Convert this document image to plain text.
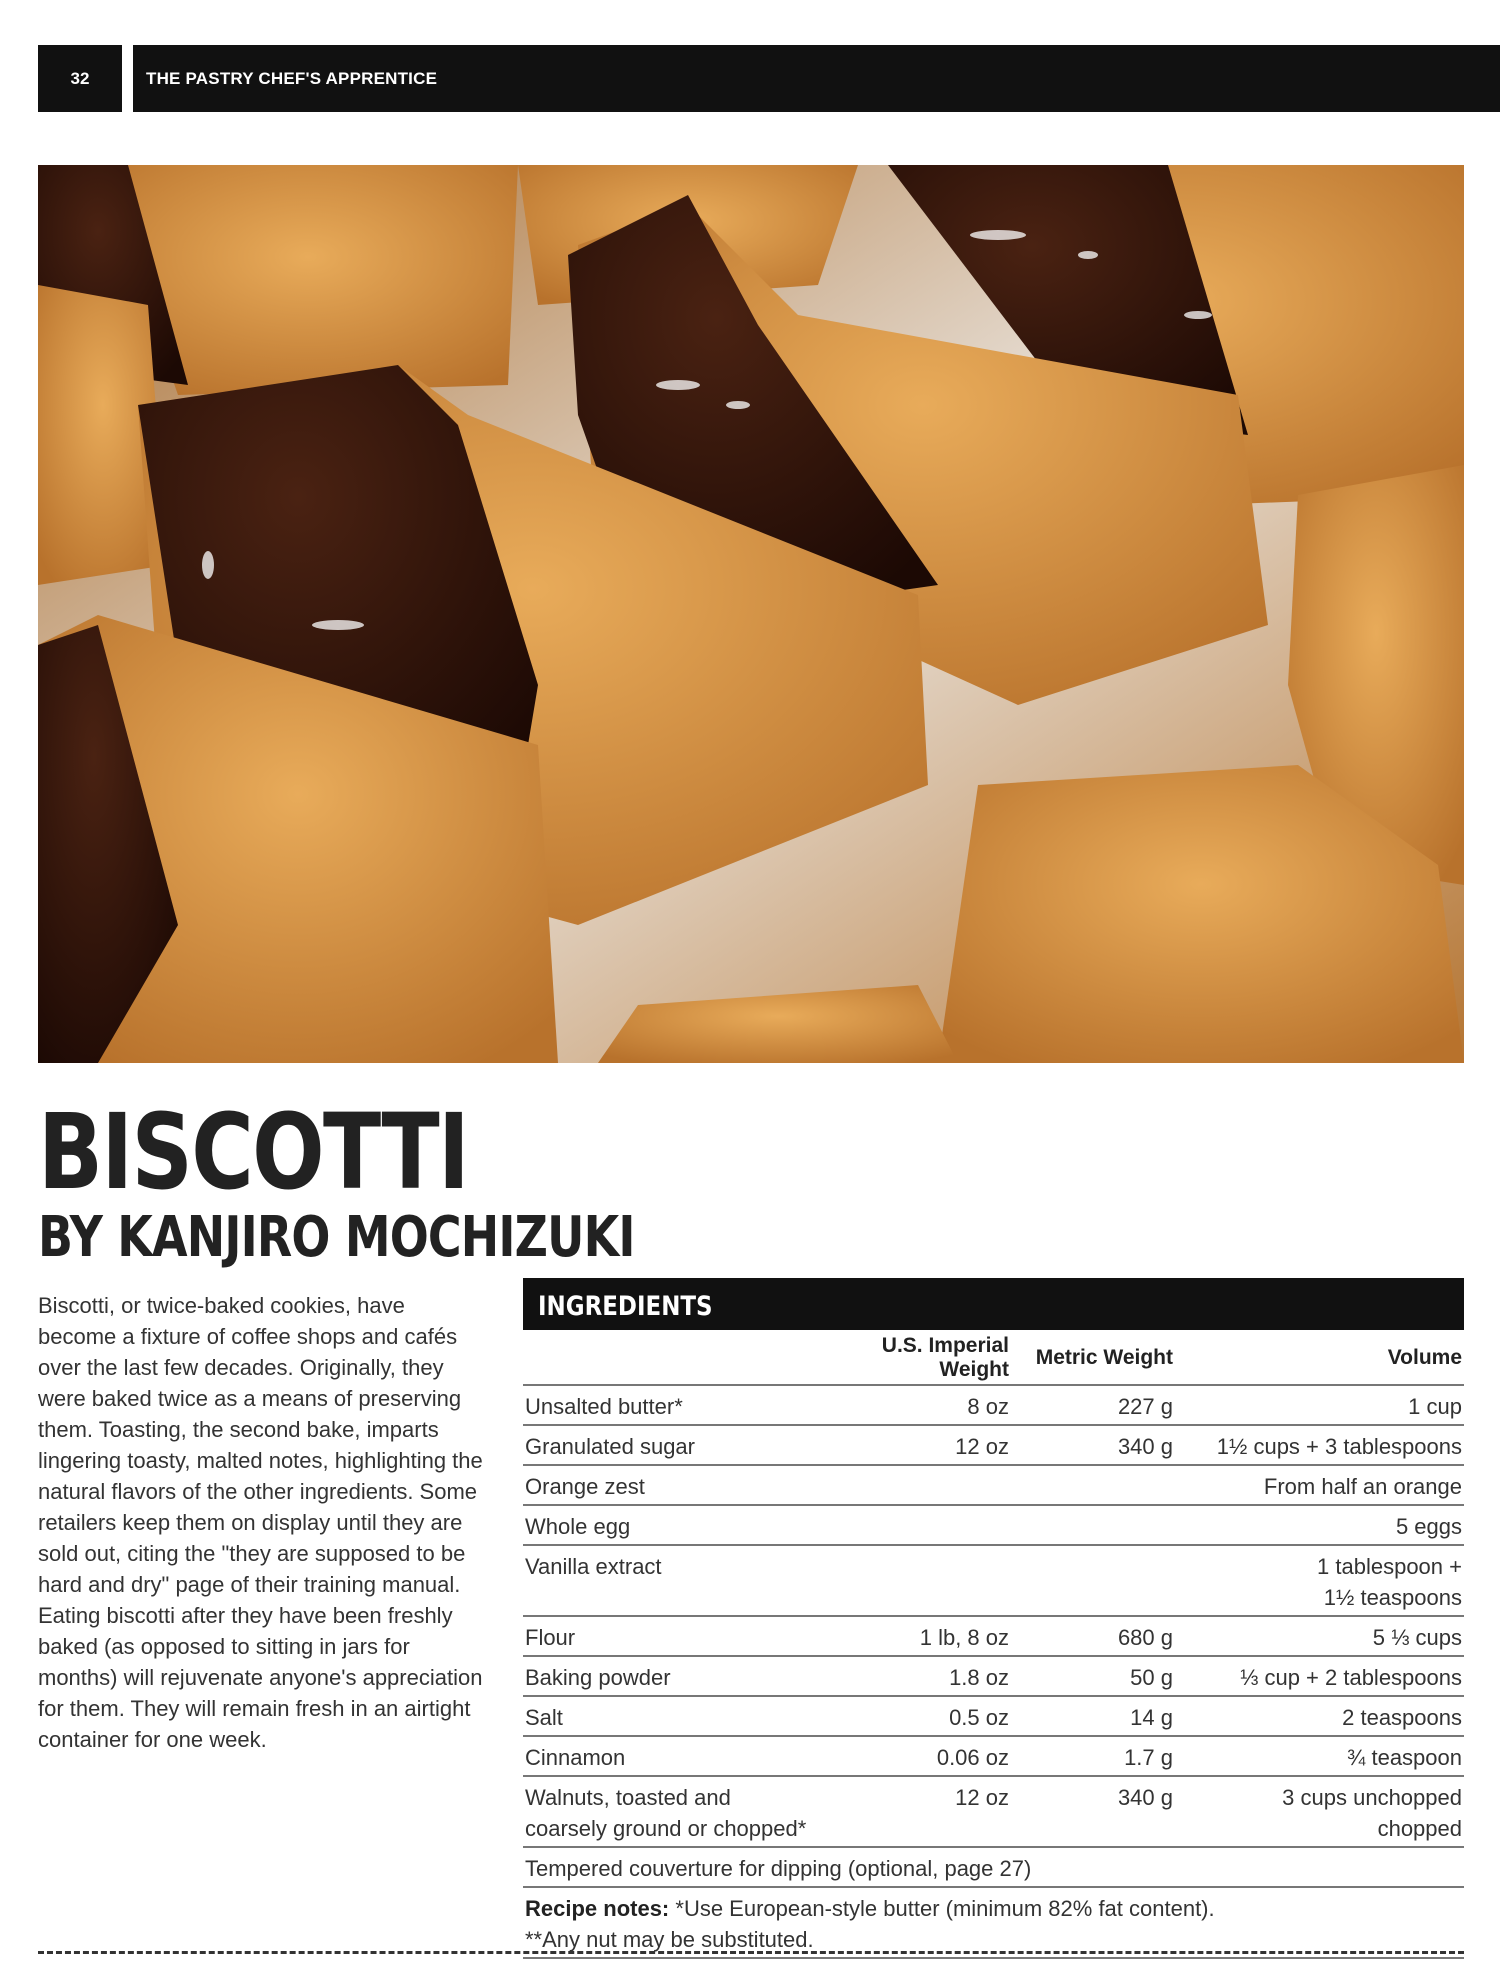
32	THE PASTRY CHEF'S APPRENTICE
BISCOTTI
BY KANJIRO MOCHIZUKI

Biscotti, or twice-baked cookies, have become a fixture of coffee shops and cafés over the last few decades. Originally, they were baked twice as a means of preserving them. Toasting, the second bake, imparts lingering toasty, malted notes, highlighting the natural flavors of the other ingredients. Some retailers keep them on display until they are sold out, citing the "they are supposed to be hard and dry" page of their training manual. Eating biscotti after they have been freshly baked (as opposed to sitting in jars for months) will rejuvenate anyone's appreciation for them. They will remain fresh in an airtight container for one week.

INGREDIENTS
	U.S. Imperial Weight	Metric Weight	Volume
Unsalted butter*	8 oz	227 g	1 cup
Granulated sugar	12 oz	340 g	1½ cups + 3 tablespoons
Orange zest			From half an orange
Whole egg			5 eggs
Vanilla extract			1 tablespoon +
1½ teaspoons

Flour	1 lb, 8 oz	680 g	5 ⅓ cups
Baking powder	1.8 oz	50 g	⅓ cup + 2 tablespoons
Salt	0.5 oz	14 g	2 teaspoons
Cinnamon	0.06 oz	1.7 g	¾ teaspoon

Walnuts, toasted and
coarsely ground or chopped*	12 oz	340 g	3 cups unchopped
chopped

Tempered couverture for dipping (optional, page 27)			
Recipe notes: *Use European-style butter (minimum 82% fat content).
**Any nut may be substituted.			
